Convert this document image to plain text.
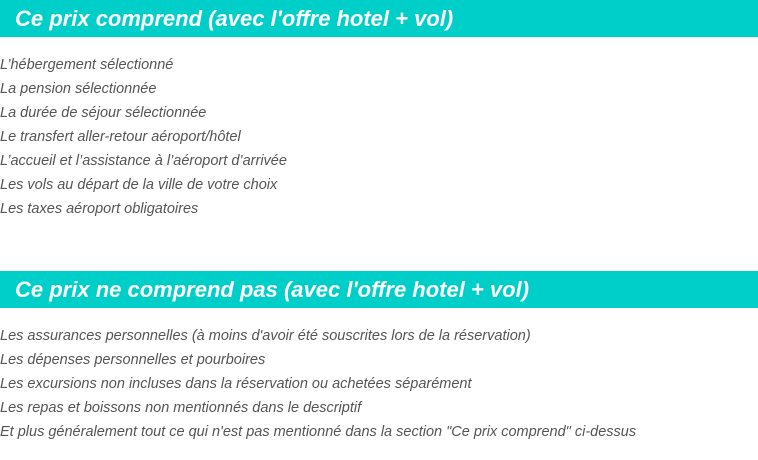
Ce prix comprend (avec l'offre hotel + vol)
L’hébergement sélectionné
La pension sélectionnée
La durée de séjour sélectionnée
Le transfert aller-retour aéroport/hôtel
L’accueil et l’assistance à l’aéroport d’arrivée
Les vols au départ de la ville de votre choix
Les taxes aéroport obligatoires
Ce prix ne comprend pas (avec l'offre hotel + vol)
Les assurances personnelles (à moins d'avoir été souscrites lors de la réservation)
Les dépenses personnelles et pourboires
Les excursions non incluses dans la réservation ou achetées séparément
Les repas et boissons non mentionnés dans le descriptif
Et plus généralement tout ce qui n'est pas mentionné dans la section "Ce prix comprend" ci-dessus
